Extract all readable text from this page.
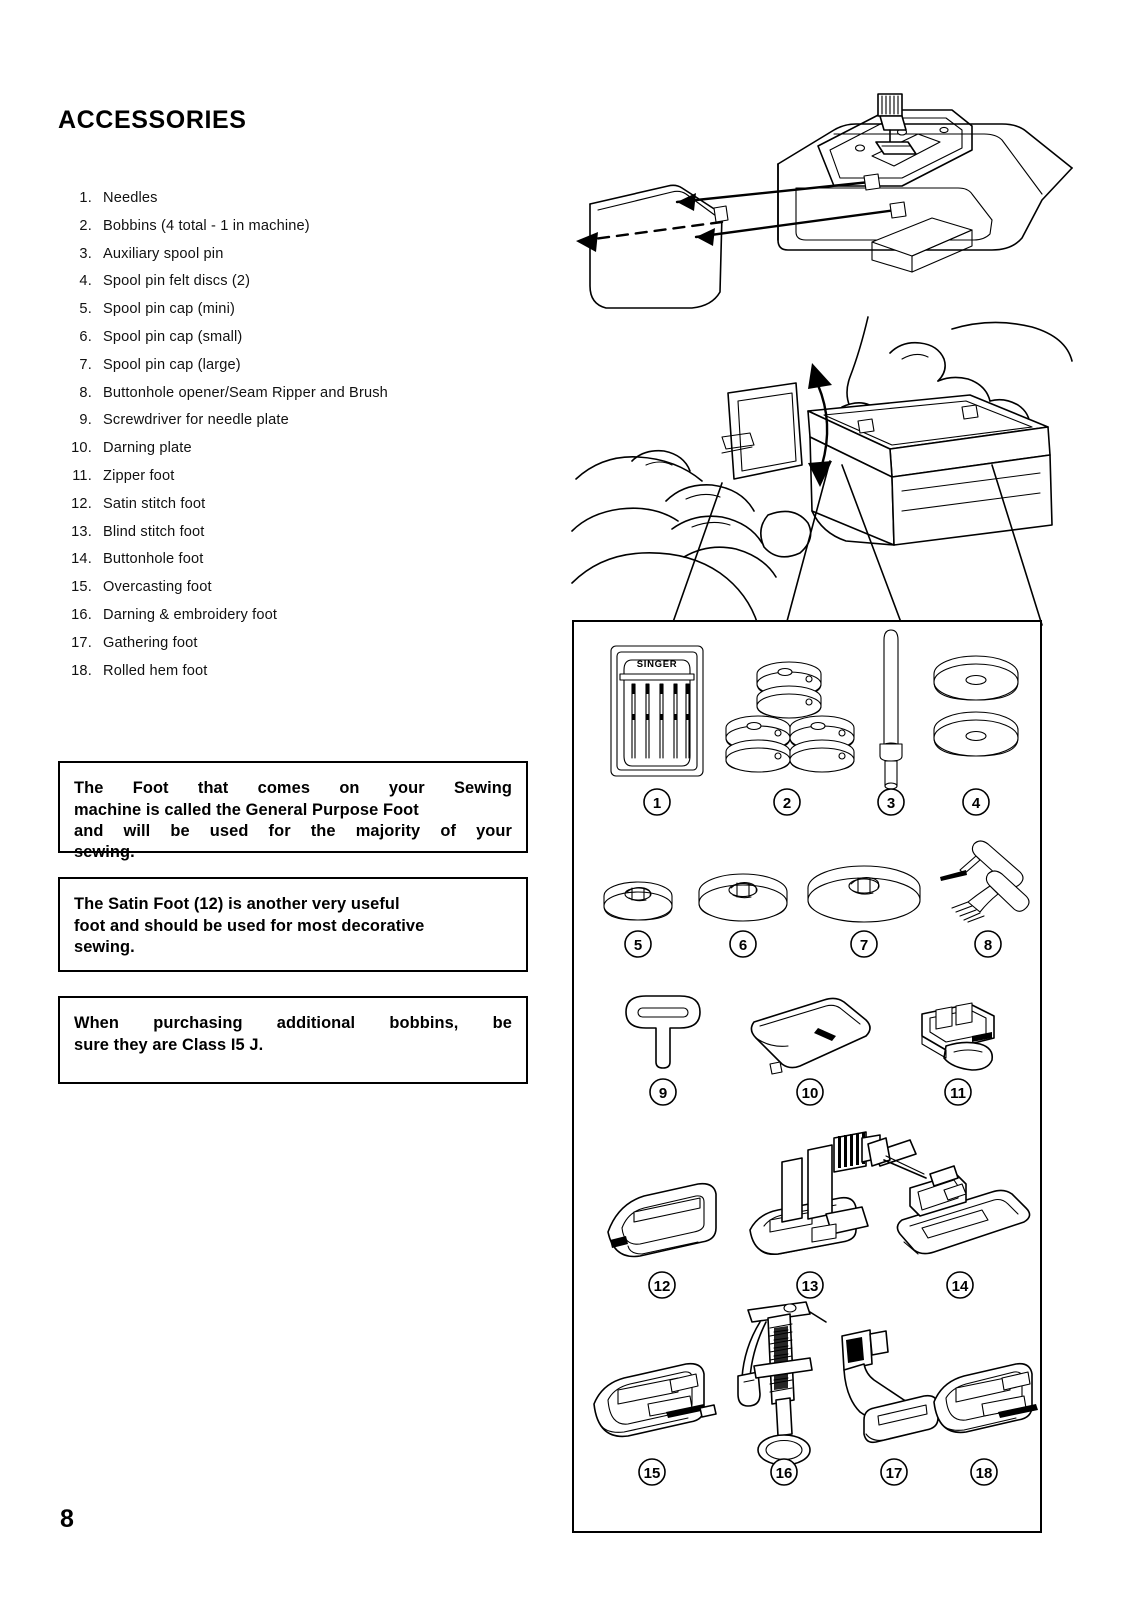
ACCESSORIES
1. Needles
2. Bobbins (4 total - 1 in machine)
3. Auxiliary spool pin
4. Spool pin felt discs (2)
5. Spool pin cap (mini)
6. Spool pin cap (small)
7. Spool pin cap (large)
8. Buttonhole opener/Seam Ripper and Brush
9. Screwdriver for needle plate
10. Darning plate
11. Zipper foot
12. Satin stitch foot
13. Blind stitch foot
14. Buttonhole foot
15. Overcasting foot
16. Darning & embroidery foot
17. Gathering foot
18. Rolled hem foot
The Foot that comes on your Sewing
machine is called the General Purpose Foot
and will be used for the majority of your
sewing.
The Satin Foot (12) is another very useful
foot and should be used for most decorative
sewing.
When purchasing additional bobbins, be
sure they are Class I5 J.
8
SINGER
1	2	3	4
5	6	7	8
9	10	11
12	13	14
15	16	17	18
